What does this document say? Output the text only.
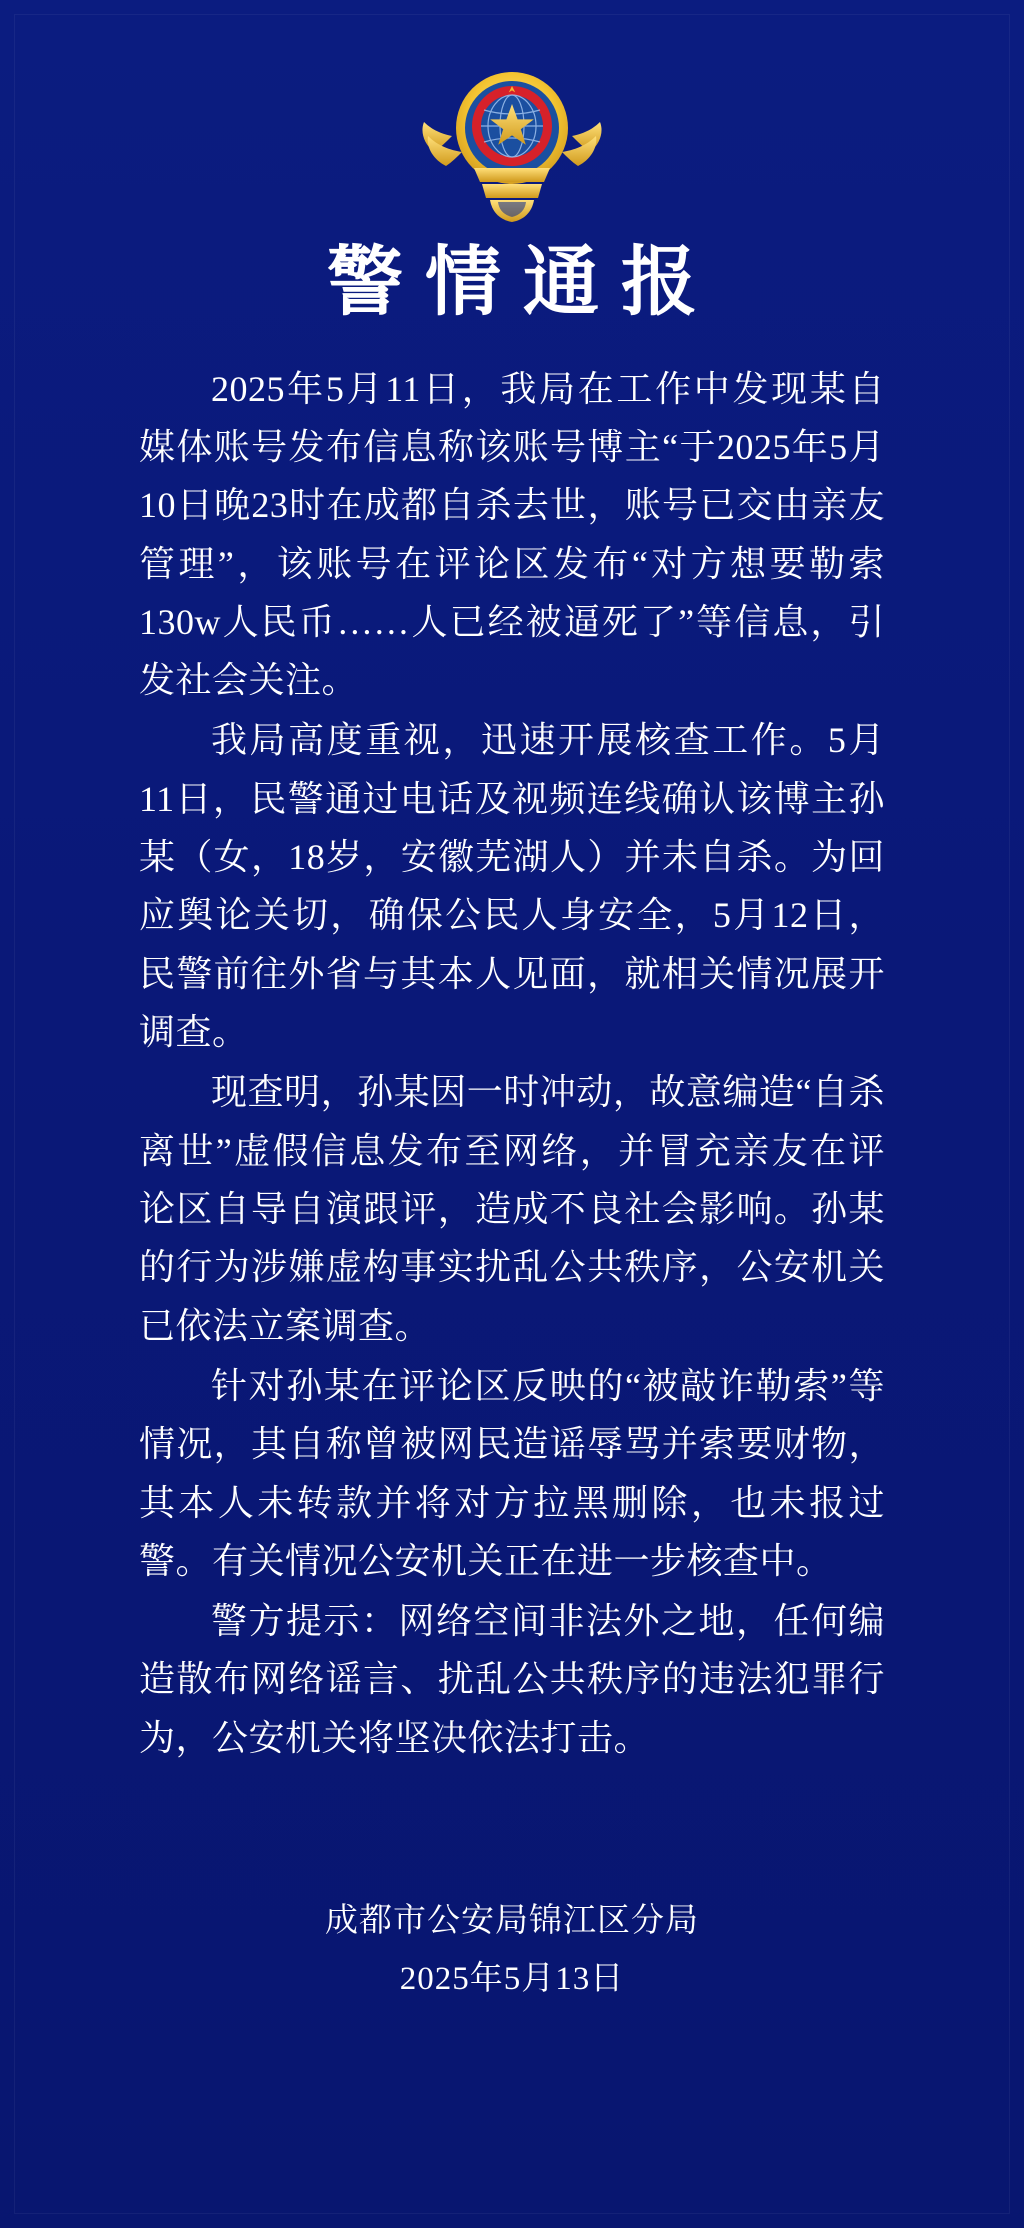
警情通报

2025年5月11日，我局在工作中发现某自媒体账号发布信息称该账号博主“于2025年5月10日晚23时在成都自杀去世，账号已交由亲友管理”，该账号在评论区发布“对方想要勒索130w人民币……人已经被逼死了”等信息，引发社会关注。

我局高度重视，迅速开展核查工作。5月11日，民警通过电话及视频连线确认该博主孙某（女，18岁，安徽芜湖人）并未自杀。为回应舆论关切，确保公民人身安全，5月12日，民警前往外省与其本人见面，就相关情况展开调查。

现查明，孙某因一时冲动，故意编造“自杀离世”虚假信息发布至网络，并冒充亲友在评论区自导自演跟评，造成不良社会影响。孙某的行为涉嫌虚构事实扰乱公共秩序，公安机关已依法立案调查。

针对孙某在评论区反映的“被敲诈勒索”等情况，其自称曾被网民造谣辱骂并索要财物，其本人未转款并将对方拉黑删除，也未报过警。有关情况公安机关正在进一步核查中。

警方提示：网络空间非法外之地，任何编造散布网络谣言、扰乱公共秩序的违法犯罪行为，公安机关将坚决依法打击。

成都市公安局锦江区分局
2025年5月13日
